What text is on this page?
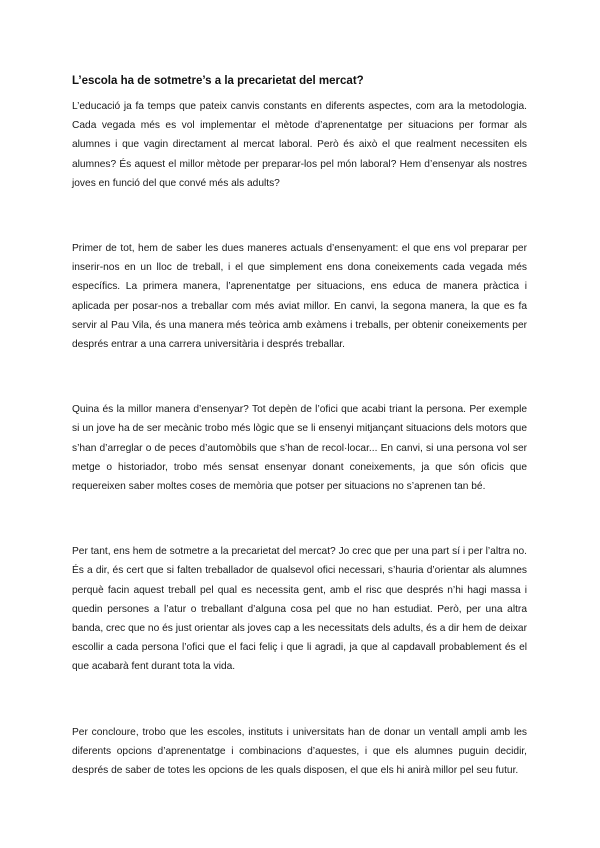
L’escola ha de sotmetre’s a la precarietat del mercat?

L’educació ja fa temps que pateix canvis constants en diferents aspectes, com ara la metodologia. Cada vegada més es vol implementar el mètode d’aprenentatge per situacions per formar als alumnes i que vagin directament al mercat laboral. Però és això el que realment necessiten els alumnes? És aquest el millor mètode per preparar-los pel món laboral? Hem d’ensenyar als nostres joves en funció del que convé més als adults?

Primer de tot, hem de saber les dues maneres actuals d’ensenyament: el que ens vol preparar per inserir-nos en un lloc de treball, i el que simplement ens dona coneixements cada vegada més específics. La primera manera, l’aprenentatge per situacions, ens educa de manera pràctica i aplicada per posar-nos a treballar com més aviat millor. En canvi, la segona manera, la que es fa servir al Pau Vila, és una manera més teòrica amb exàmens i treballs, per obtenir coneixements per després entrar a una carrera universitària i després treballar.

Quina és la millor manera d’ensenyar? Tot depèn de l’ofici que acabi triant la persona. Per exemple si un jove ha de ser mecànic trobo més lògic que se li ensenyi mitjançant situacions dels motors que s’han d’arreglar o de peces d’automòbils que s’han de recol·locar... En canvi, si una persona vol ser metge o historiador, trobo més sensat ensenyar donant coneixements, ja que són oficis que requereixen saber moltes coses de memòria que potser per situacions no s’aprenen tan bé.

Per tant, ens hem de sotmetre a la precarietat del mercat? Jo crec que per una part sí i per l’altra no. És a dir, és cert que si falten treballador de qualsevol ofici necessari, s’hauria d’orientar als alumnes perquè facin aquest treball pel qual es necessita gent, amb el risc que després n’hi hagi massa i quedin persones a l’atur o treballant d’alguna cosa pel que no han estudiat. Però, per una altra banda, crec que no és just orientar als joves cap a les necessitats dels adults, és a dir hem de deixar escollir a cada persona l’ofici que el faci feliç i que li agradi, ja que al capdavall probablement és el que acabarà fent durant tota la vida.

Per concloure, trobo que les escoles, instituts i universitats han de donar un ventall ampli amb les diferents opcions d’aprenentatge i combinacions d’aquestes, i que els alumnes puguin decidir, després de saber de totes les opcions de les quals disposen, el que els hi anirà millor pel seu futur.
